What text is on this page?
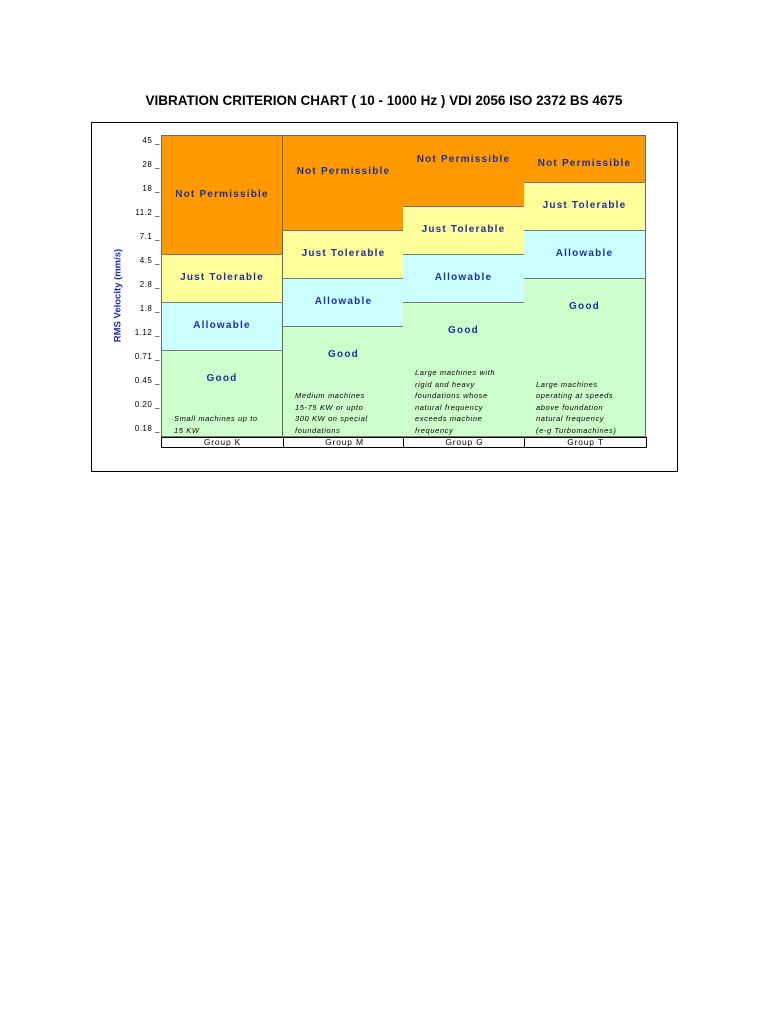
VIBRATION CRITERION CHART ( 10 - 1000 Hz ) VDI 2056 ISO 2372 BS 4675
RMS Velocity (mm/s)
45 _
28 _
18 _
11.2 _
7.1 _
4.5 _
2.8 _
1.8 _
1.12 _
0.71 _
0.45 _
0.20 _
0.18 _
Good
Small machines up to
15 KW
Allowable
Just Tolerable
Not Permissible
Group K
Good
Medium machines
15-75 KW or upto
300 KW on special
foundations
Allowable
Just Tolerable
Not Permissible
Group M
Good
Large machines with
rigid and heavy
foundations whose
natural frequency
exceeds machine
frequency
Allowable
Just Tolerable
Not Permissible
Group G
Good
Large machines
operating at speeds
above foundation
natural frequency
(e-g Turbomachines)
Allowable
Just Tolerable
Not Permissible
Group T
